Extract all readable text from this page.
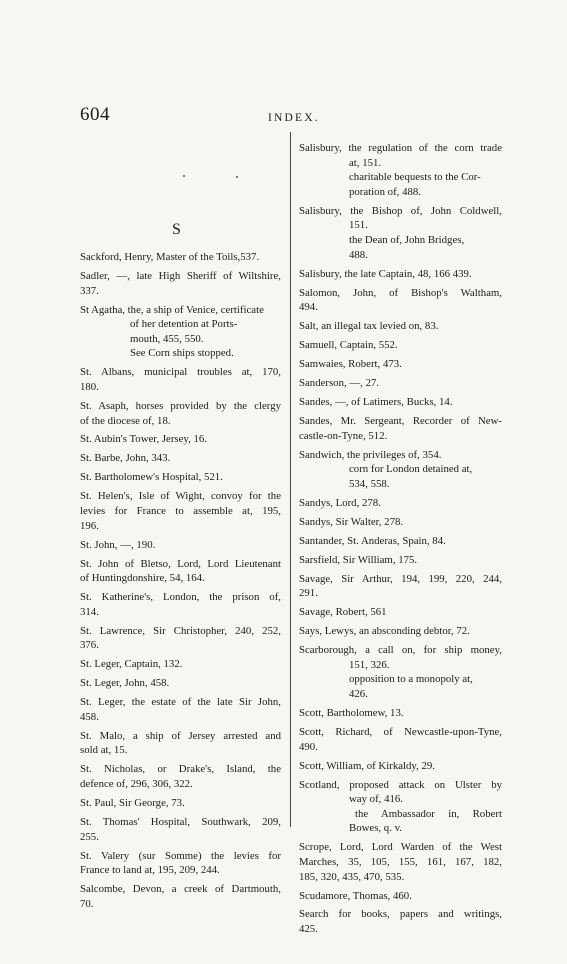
604	INDEX.
S
Sackford, Henry, Master of the Toils,537.
Sadler, —, late High Sheriff of Wiltshire,
337.
St Agatha, the, a ship of Venice, certificate
of her detention at Ports-
mouth, 455, 550.
See Corn ships stopped.
St. Albans, municipal troubles at, 170,
180.
St. Asaph, horses provided by the clergy
of the diocese of, 18.
St. Aubin's Tower, Jersey, 16.
St. Barbe, John, 343.
St. Bartholomew's Hospital, 521.
St. Helen's, Isle of Wight, convoy for the
levies for France to assemble at, 195,
196.
St. John, —, 190.
St. John of Bletso, Lord, Lord Lieutenant
of Huntingdonshire, 54, 164.
St. Katherine's, London, the prison of,
314.
St. Lawrence, Sir Christopher, 240, 252,
376.
St. Leger, Captain, 132.
St. Leger, John, 458.
St. Leger, the estate of the late Sir John,
458.
St. Malo, a ship of Jersey arrested and
sold at, 15.
St. Nicholas, or Drake's, Island, the
defence of, 296, 306, 322.
St. Paul, Sir George, 73.
St. Thomas' Hospital, Southwark, 209,
255.
St. Valery (sur Somme) the levies for
France to land at, 195, 209, 244.
Salcombe, Devon, a creek of Dartmouth,
70.
Salisbury, the regulation of the corn trade
at, 151.
charitable bequests to the Cor-
poration of, 488.
Salisbury, the Bishop of, John Coldwell,
151.
the Dean of, John Bridges,
488.
Salisbury, the late Captain, 48, 166 439.
Salomon, John, of Bishop's Waltham,
494.
Salt, an illegal tax levied on, 83.
Samuell, Captain, 552.
Samwaies, Robert, 473.
Sanderson, —, 27.
Sandes, —, of Latimers, Bucks, 14.
Sandes, Mr. Sergeant, Recorder of New-
castle-on-Tyne, 512.
Sandwich, the privileges of, 354.
corn for London detained at,
534, 558.
Sandys, Lord, 278.
Sandys, Sir Walter, 278.
Santander, St. Anderas, Spain, 84.
Sarsfield, Sir William, 175.
Savage, Sir Arthur, 194, 199, 220, 244,
291.
Savage, Robert, 561
Says, Lewys, an absconding debtor, 72.
Scarborough, a call on, for ship money,
151, 326.
opposition to a monopoly at,
426.
Scott, Bartholomew, 13.
Scott, Richard, of Newcastle-upon-Tyne,
490.
Scott, William, of Kirkaldy, 29.
Scotland, proposed attack on Ulster by
way of, 416.
the Ambassador in, Robert
Bowes, q. v.
Scrope, Lord, Lord Warden of the West
Marches, 35, 105, 155, 161, 167, 182,
185, 320, 435, 470, 535.
Scudamore, Thomas, 460.
Search for books, papers and writings,
425.
